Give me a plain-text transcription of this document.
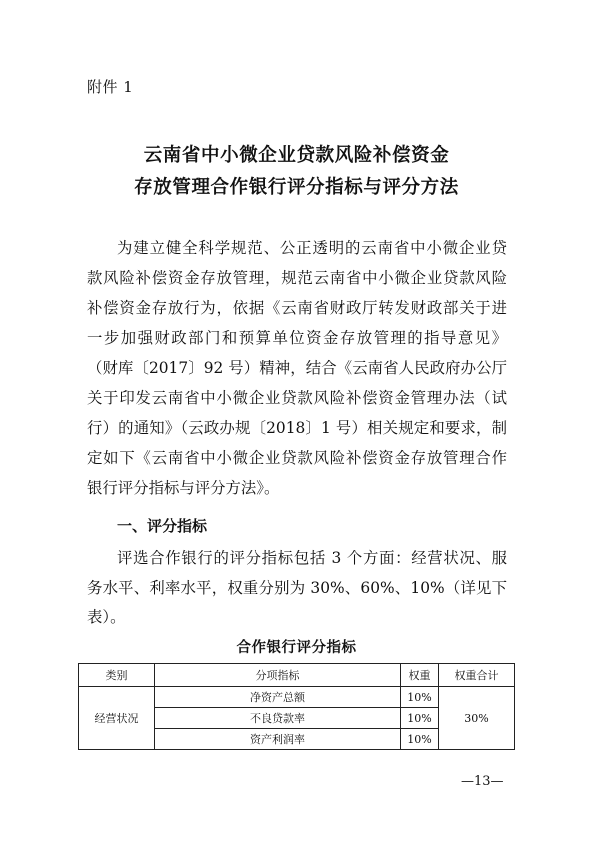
附件 1
云南省中小微企业贷款风险补偿资金
存放管理合作银行评分指标与评分方法
为建立健全科学规范、公正透明的云南省中小微企业贷
款风险补偿资金存放管理，规范云南省中小微企业贷款风险
补偿资金存放行为，依据《云南省财政厅转发财政部关于进
一步加强财政部门和预算单位资金存放管理的指导意见》
（财库〔2017〕92 号）精神，结合《云南省人民政府办公厅
关于印发云南省中小微企业贷款风险补偿资金管理办法（试
行）的通知》（云政办规〔2018〕1 号）相关规定和要求，制
定如下《云南省中小微企业贷款风险补偿资金存放管理合作
银行评分指标与评分方法》。
一、评分指标
评选合作银行的评分指标包括 3 个方面：经营状况、服
务水平、利率水平，权重分别为 30%、60%、10%（详见下
表）。
合作银行评分指标
类别	分项指标	权重	权重合计
经营状况	净资产总额	10%	30%
	不良贷款率	10%	
	资产利润率	10%	
—13—
